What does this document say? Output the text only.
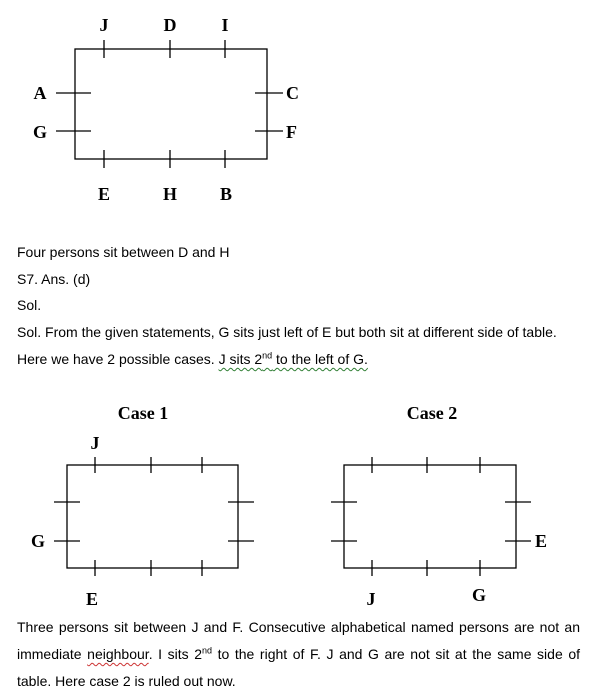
J	D I
A
G
C
F
E	H B
Four persons sit between D and H
S7. Ans. (d)
Sol.
Sol. From the given statements, G sits just left of E but both sit at different side of table.
Here we have 2 possible cases. J sits 2nd to the left of G.
Case 1
J
G
E
Case 2
E
J	G
Three persons sit between J and F. Consecutive alphabetical named persons are not an immediate neighbour. I sits 2nd to the right of F. J and G are not sit at the same side of table. Here case 2 is ruled out now.
